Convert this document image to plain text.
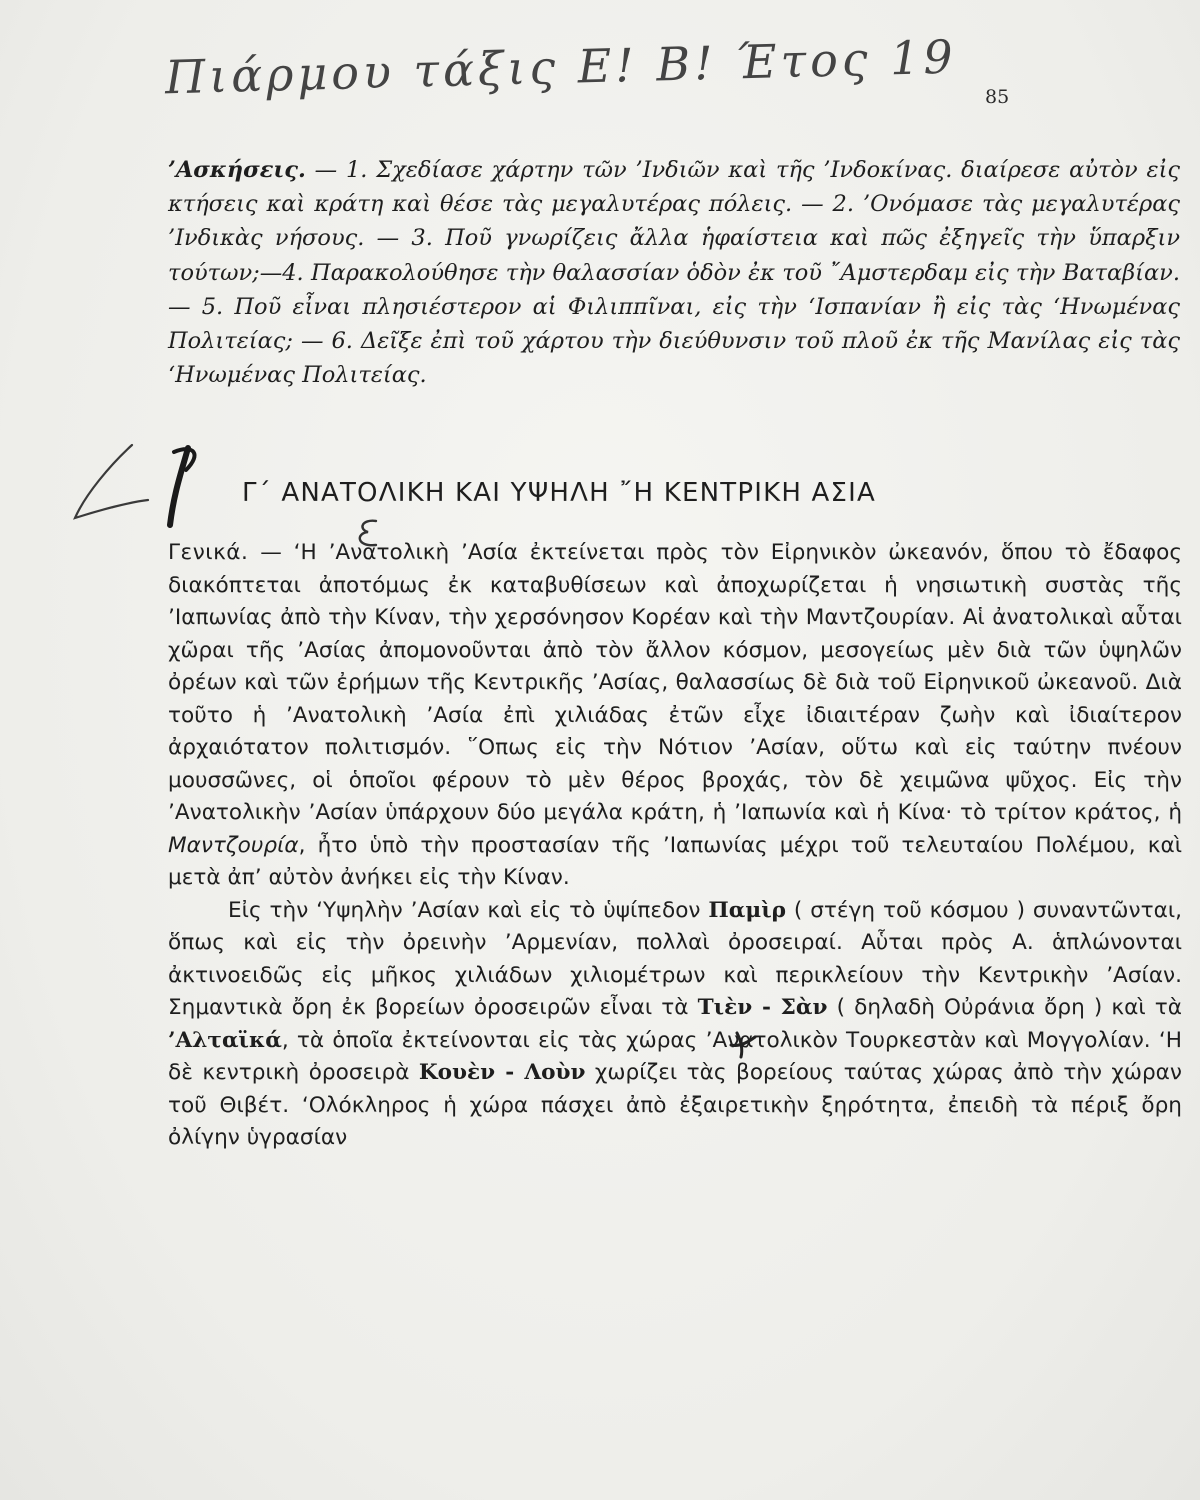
Πιάρμου τάξις Ε! Β! Έτος 19 85

’Ασκήσεις. — 1. Σχεδίασε χάρτην τῶν ’Ινδιῶν καὶ τῆς ’Ινδοκίνας. διαίρεσε αὐτὸν εἰς κτήσεις καὶ κράτη καὶ θέσε τὰς μεγαλυτέρας πόλεις. — 2. ’Ονόμασε τὰς μεγαλυτέρας ’Ινδικὰς νήσους. — 3. Ποῦ γνωρίζεις ἄλλα ἡφαίστεια καὶ πῶς ἐξηγεῖς τὴν ὕπαρξιν τούτων;—4. Παρακολούθησε τὴν θαλασσίαν ὁδὸν ἐκ τοῦ ῎Αμστερδαμ εἰς τὴν Βαταβίαν. — 5. Ποῦ εἶναι πλησιέστερον αἱ Φιλιππῖναι, εἰς τὴν ‘Ισπανίαν ἢ εἰς τὰς ‘Ηνωμένας Πολιτείας; — 6. Δεῖξε ἐπὶ τοῦ χάρτου τὴν διεύθυνσιν τοῦ πλοῦ ἐκ τῆς Μανίλας εἰς τὰς ‘Ηνωμένας Πολιτείας.

Γ΄ ΑΝΑΤΟΛΙΚΗ ΚΑΙ ΥΨΗΛΗ ῎Η ΚΕΝΤΡΙΚΗ ΑΣΙΑ

Γενικά. — ‘Η ’Ανατολικὴ ’Ασία ἐκτείνεται πρὸς τὸν Εἰρηνικὸν ὠκεανόν, ὅπου τὸ ἔδαφος διακόπτεται ἀποτόμως ἐκ καταβυθίσεων καὶ ἀποχωρίζεται ἡ νησιωτικὴ συστὰς τῆς ’Ιαπωνίας ἀπὸ τὴν Κίναν, τὴν χερσόνησον Κορέαν καὶ τὴν Μαντζουρίαν. Αἱ ἀνατολικαὶ αὗται χῶραι τῆς ’Ασίας ἀπομονοῦνται ἀπὸ τὸν ἄλλον κόσμον, μεσογείως μὲν διὰ τῶν ὑψηλῶν ὀρέων καὶ τῶν ἐρήμων τῆς Κεντρικῆς ’Ασίας, θαλασσίως δὲ διὰ τοῦ Εἰρηνικοῦ ὠκεανοῦ. Διὰ τοῦτο ἡ ’Ανατολικὴ ’Ασία ἐπὶ χιλιάδας ἐτῶν εἶχε ἰδιαιτέραν ζωὴν καὶ ἰδιαίτερον ἀρχαιότατον πολιτισμόν. ῞Οπως εἰς τὴν Νότιον ’Ασίαν, οὕτω καὶ εἰς ταύτην πνέουν μουσσῶνες, οἱ ὁποῖοι φέρουν τὸ μὲν θέρος βροχάς, τὸν δὲ χειμῶνα ψῦχος. Εἰς τὴν ’Ανατολικὴν ’Ασίαν ὑπάρχουν δύο μεγάλα κράτη, ἡ ’Ιαπωνία καὶ ἡ Κίνα· τὸ τρίτον κράτος, ἡ Μαντζουρία, ἦτο ὑπὸ τὴν προστασίαν τῆς ’Ιαπωνίας μέχρι τοῦ τελευταίου Πολέμου, καὶ μετὰ ἀπ’ αὐτὸν ἀνήκει εἰς τὴν Κίναν.

Εἰς τὴν ‘Υψηλὴν ’Ασίαν καὶ εἰς τὸ ὑψίπεδον Παμὶρ ( στέγη τοῦ κόσμου ) συναντῶνται, ὅπως καὶ εἰς τὴν ὀρεινὴν ’Αρμενίαν, πολλαὶ ὀροσειραί. Αὗται πρὸς Α. ἁπλώνονται ἀκτινοειδῶς εἰς μῆκος χιλιάδων χιλιομέτρων καὶ περικλείουν τὴν Κεντρικὴν ’Ασίαν. Σημαντικὰ ὄρη ἐκ βορείων ὀροσειρῶν εἶναι τὰ Τιὲν - Σὰν ( δηλαδὴ Οὐράνια ὄρη ) καὶ τὰ ’Αλταϊκά, τὰ ὁποῖα ἐκτείνονται εἰς τὰς χώρας ’Ανατολικὸν Τουρκεστὰν καὶ Μογγολίαν. ‘Η δὲ κεντρικὴ ὀροσειρὰ Κουὲν - Λοὺν χωρίζει τὰς βορείους ταύτας χώρας ἀπὸ τὴν χώραν τοῦ Θιβέτ. ‘Ολόκληρος ἡ χώρα πάσχει ἀπὸ ἐξαιρετικὴν ξηρότητα, ἐπειδὴ τὰ πέριξ ὄρη ὀλίγην ὑγρασίαν
